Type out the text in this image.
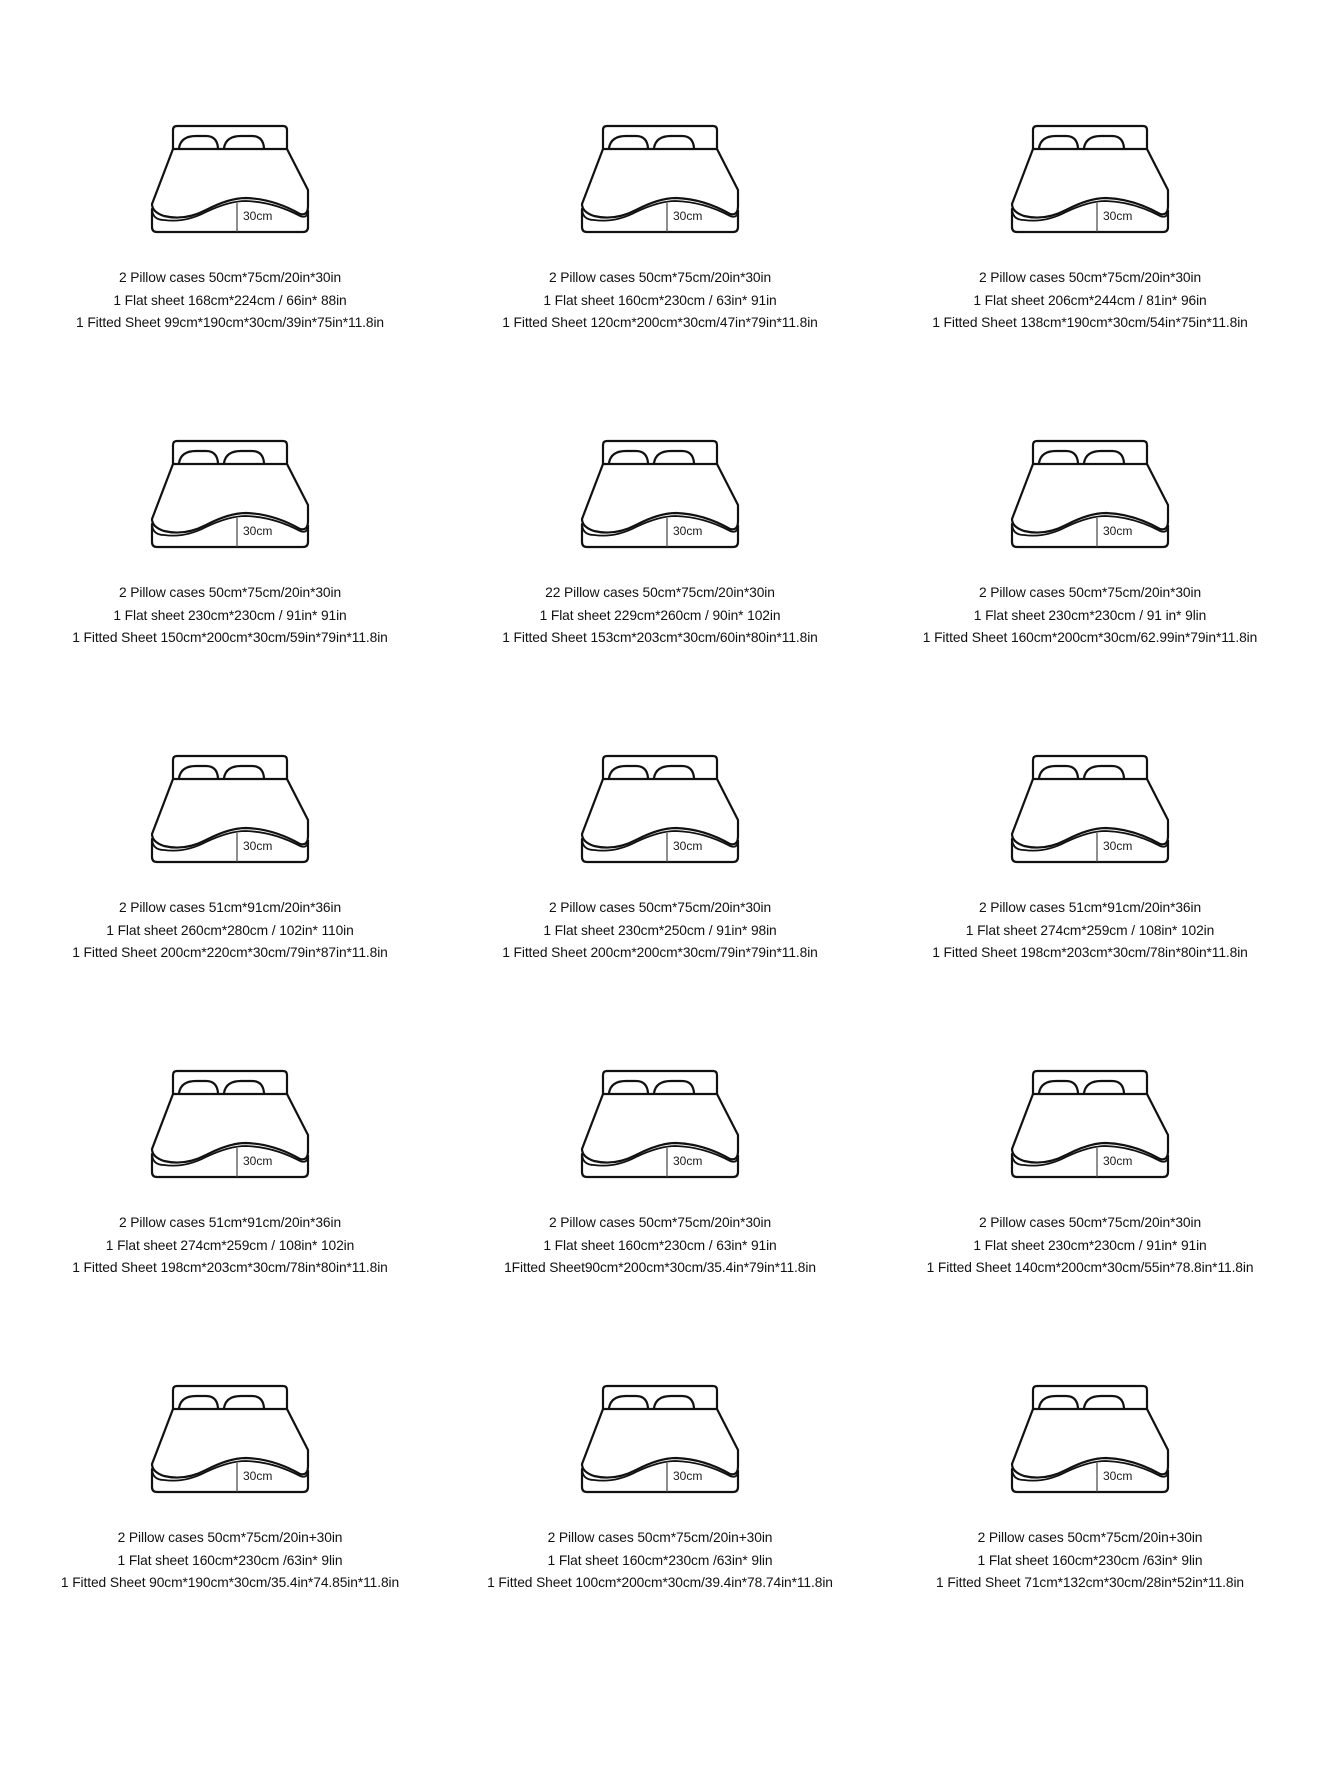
30cm
2 Pillow cases 50cm*75cm/20in*30in
1 Flat sheet 168cm*224cm / 66in* 88in
1 Fitted Sheet 99cm*190cm*30cm/39in*75in*11.8in
30cm
2 Pillow cases 50cm*75cm/20in*30in
1 Flat sheet 160cm*230cm / 63in* 91in
1 Fitted Sheet 120cm*200cm*30cm/47in*79in*11.8in
30cm
2 Pillow cases 50cm*75cm/20in*30in
1 Flat sheet 206cm*244cm / 81in* 96in
1 Fitted Sheet 138cm*190cm*30cm/54in*75in*11.8in
30cm
2 Pillow cases 50cm*75cm/20in*30in
1 Flat sheet 230cm*230cm / 91in* 91in
1 Fitted Sheet 150cm*200cm*30cm/59in*79in*11.8in
30cm
22 Pillow cases 50cm*75cm/20in*30in
1 Flat sheet 229cm*260cm / 90in* 102in
1 Fitted Sheet 153cm*203cm*30cm/60in*80in*11.8in
30cm
2 Pillow cases 50cm*75cm/20in*30in
1 Flat sheet 230cm*230cm / 91 in* 9lin
1 Fitted Sheet 160cm*200cm*30cm/62.99in*79in*11.8in
30cm
2 Pillow cases 51cm*91cm/20in*36in
1 Flat sheet 260cm*280cm / 102in* 110in
1 Fitted Sheet 200cm*220cm*30cm/79in*87in*11.8in
30cm
2 Pillow cases 50cm*75cm/20in*30in
1 Flat sheet 230cm*250cm / 91in* 98in
1 Fitted Sheet 200cm*200cm*30cm/79in*79in*11.8in
30cm
2 Pillow cases 51cm*91cm/20in*36in
1 Flat sheet 274cm*259cm / 108in* 102in
1 Fitted Sheet 198cm*203cm*30cm/78in*80in*11.8in
30cm
2 Pillow cases 51cm*91cm/20in*36in
1 Flat sheet 274cm*259cm / 108in* 102in
1 Fitted Sheet 198cm*203cm*30cm/78in*80in*11.8in
30cm
2 Pillow cases 50cm*75cm/20in*30in
1 Flat sheet 160cm*230cm / 63in* 91in
1Fitted Sheet90cm*200cm*30cm/35.4in*79in*11.8in
30cm
2 Pillow cases 50cm*75cm/20in*30in
1 Flat sheet 230cm*230cm / 91in* 91in
1 Fitted Sheet 140cm*200cm*30cm/55in*78.8in*11.8in
30cm
2 Pillow cases 50cm*75cm/20in+30in
1 Flat sheet 160cm*230cm /63in* 9lin
1 Fitted Sheet 90cm*190cm*30cm/35.4in*74.85in*11.8in
30cm
2 Pillow cases 50cm*75cm/20in+30in
1 Flat sheet 160cm*230cm /63in* 9lin
1 Fitted Sheet 100cm*200cm*30cm/39.4in*78.74in*11.8in
30cm
2 Pillow cases 50cm*75cm/20in+30in
1 Flat sheet 160cm*230cm /63in* 9lin
1 Fitted Sheet 71cm*132cm*30cm/28in*52in*11.8in
